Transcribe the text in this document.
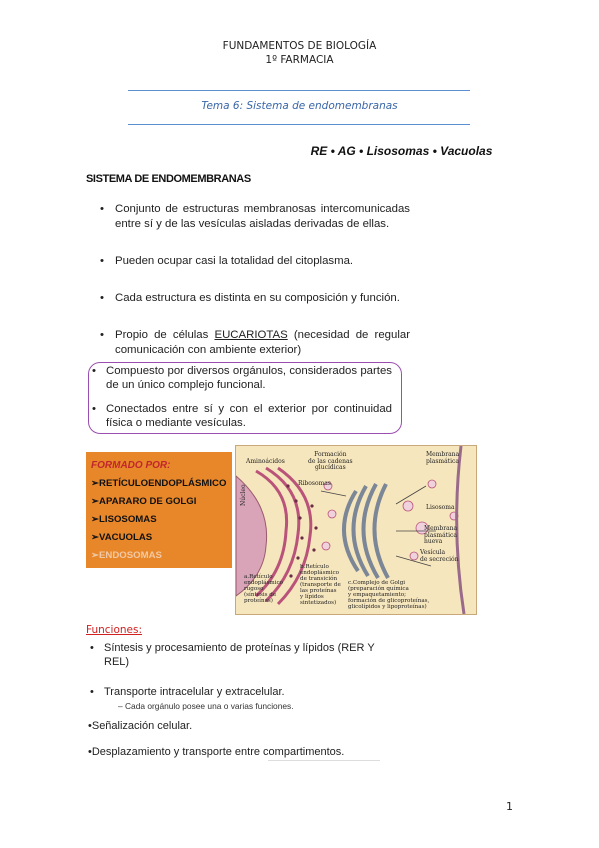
FUNDAMENTOS DE BIOLOGÍA
1º FARMACIA
Tema 6: Sistema de endomembranas
RE • AG • Lisosomas • Vacuolas
SISTEMA DE ENDOMEMBRANAS
• Conjunto de estructuras membranosas intercomunicadas entre sí y de las vesículas aisladas derivadas de ellas.
• Pueden ocupar casi la totalidad del citoplasma.
• Cada estructura es distinta en su composición y función.
• Propio de células EUCARIOTAS (necesidad de regular comunicación con ambiente exterior)
• Compuesto por diversos orgánulos, considerados partes de un único complejo funcional.
• Conectados entre sí y con el exterior por continuidad física o mediante vesículas.
FORMADO POR:
➢RETÍCULOENDOPLÁSMICO
➢APARARO DE GOLGI
➢LISOSOMAS
➢VACUOLAS
➢ENDOSOMAS
Aminoácidos
Formación
de las cadenas
glucídicas
Membrana
plasmática
Ribosomas
Núcleo
Lisosoma
Membrana
plasmática
nueva
Vesícula
de secreción
a.Retículo
endoplásmico
rugoso
(síntesis de
proteínas)
b.Retículo
endoplásmico
de transición
(transporte de
las proteínas
y lípidos
sintetizados)
c.Complejo de Golgi
(preparación química
y empaquetamiento;
formación de glicoproteínas,
glicolípidos y lipoproteínas)
Funciones:
• Síntesis y procesamiento de proteínas y lípidos (RER Y REL)
• Transporte intracelular y extracelular.
– Cada orgánulo posee una o varias funciones.
•Señalización celular.
•Desplazamiento y transporte entre compartimentos.
1
